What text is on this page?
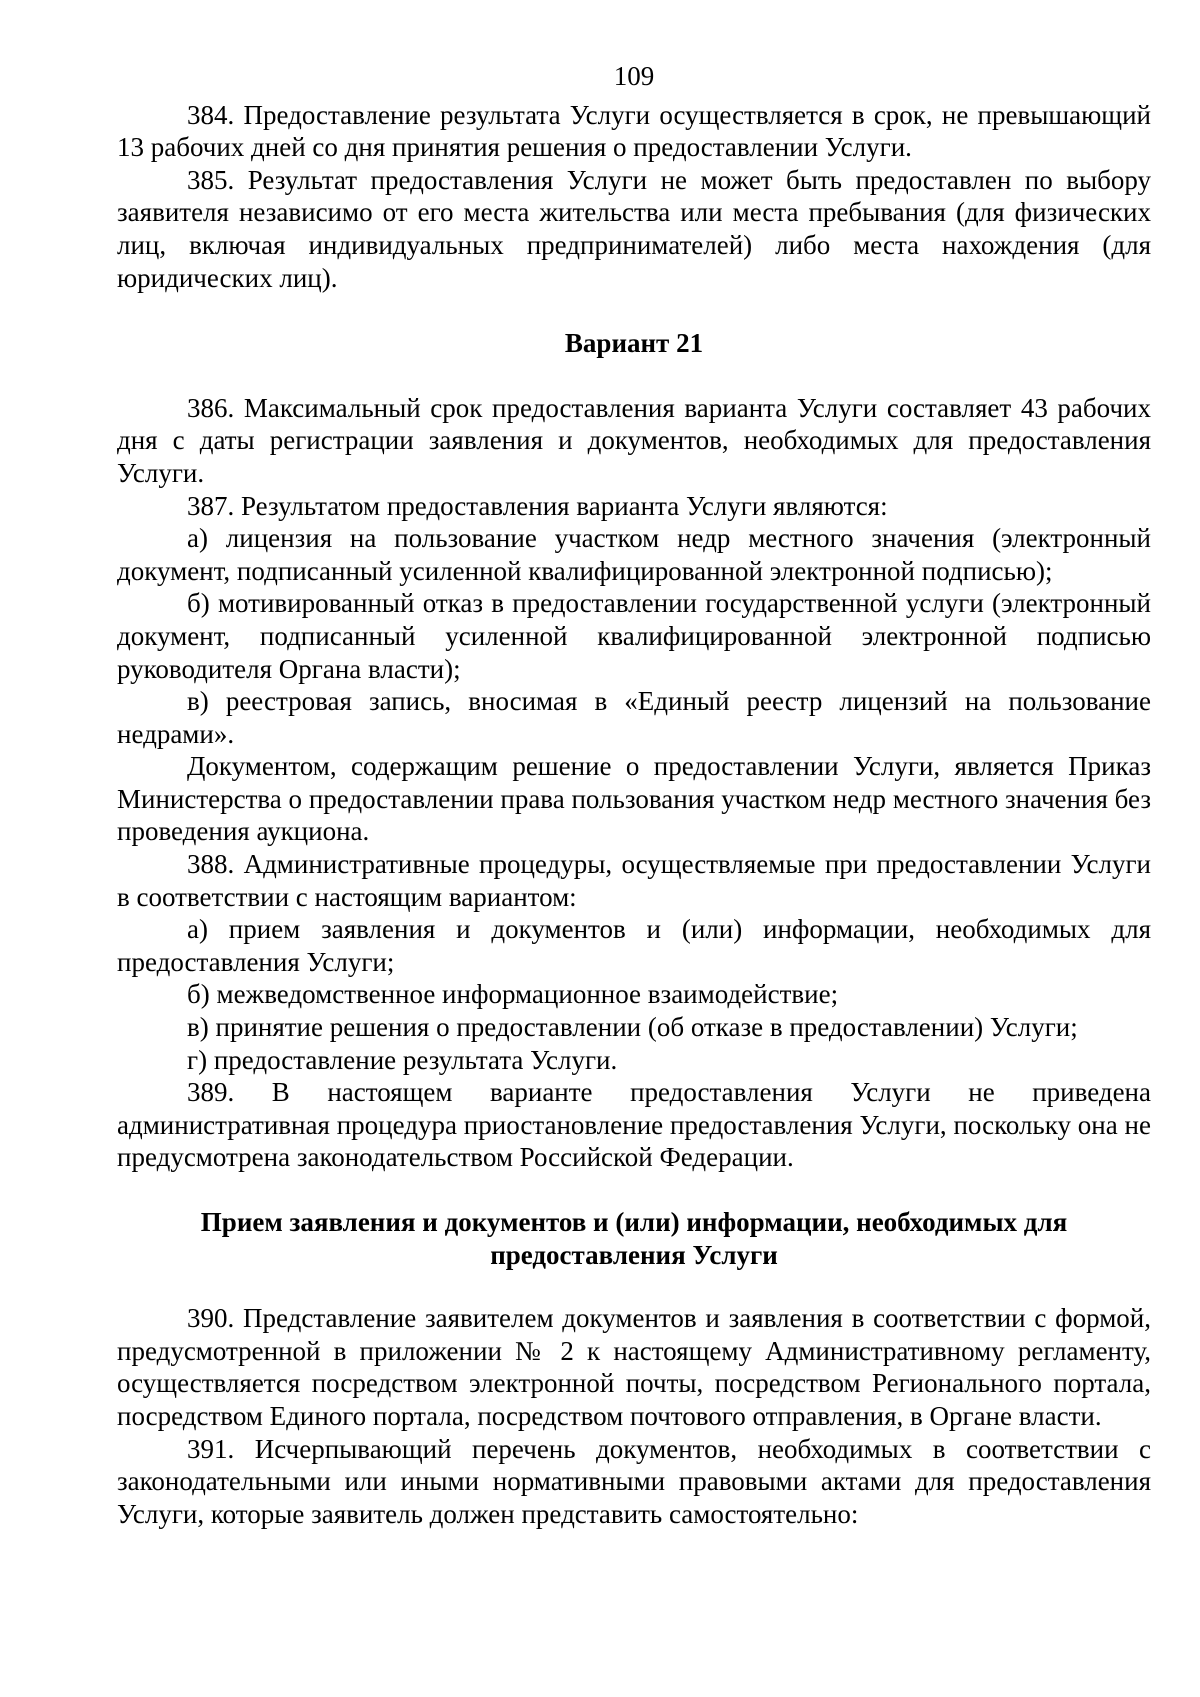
109

384. Предоставление результата Услуги осуществляется в срок, не превышающий 13 рабочих дней со дня принятия решения о предоставлении Услуги.

385. Результат предоставления Услуги не может быть предоставлен по выбору заявителя независимо от его места жительства или места пребывания (для физических лиц, включая индивидуальных предпринимателей) либо места нахождения (для юридических лиц).

Вариант 21

386. Максимальный срок предоставления варианта Услуги составляет 43 рабочих дня с даты регистрации заявления и документов, необходимых для предоставления Услуги.

387. Результатом предоставления варианта Услуги являются:

а) лицензия на пользование участком недр местного значения (электронный документ, подписанный усиленной квалифицированной электронной подписью);

б) мотивированный отказ в предоставлении государственной услуги (электронный документ, подписанный усиленной квалифицированной электронной подписью руководителя Органа власти);

в) реестровая запись, вносимая в «Единый реестр лицензий на пользование недрами».

Документом, содержащим решение о предоставлении Услуги, является Приказ Министерства о предоставлении права пользования участком недр местного значения без проведения аукциона.

388. Административные процедуры, осуществляемые при предоставлении Услуги в соответствии с настоящим вариантом:

а) прием заявления и документов и (или) информации, необходимых для предоставления Услуги;

б) межведомственное информационное взаимодействие;

в) принятие решения о предоставлении (об отказе в предоставлении) Услуги;

г) предоставление результата Услуги.

389. В настоящем варианте предоставления Услуги не приведена административная процедура приостановление предоставления Услуги, поскольку она не предусмотрена законодательством Российской Федерации.

Прием заявления и документов и (или) информации, необходимых для предоставления Услуги

390. Представление заявителем документов и заявления в соответствии с формой, предусмотренной в приложении № 2 к настоящему Административному регламенту, осуществляется посредством электронной почты, посредством Регионального портала, посредством Единого портала, посредством почтового отправления, в Органе власти.

391. Исчерпывающий перечень документов, необходимых в соответствии с законодательными или иными нормативными правовыми актами для предоставления Услуги, которые заявитель должен представить самостоятельно:
